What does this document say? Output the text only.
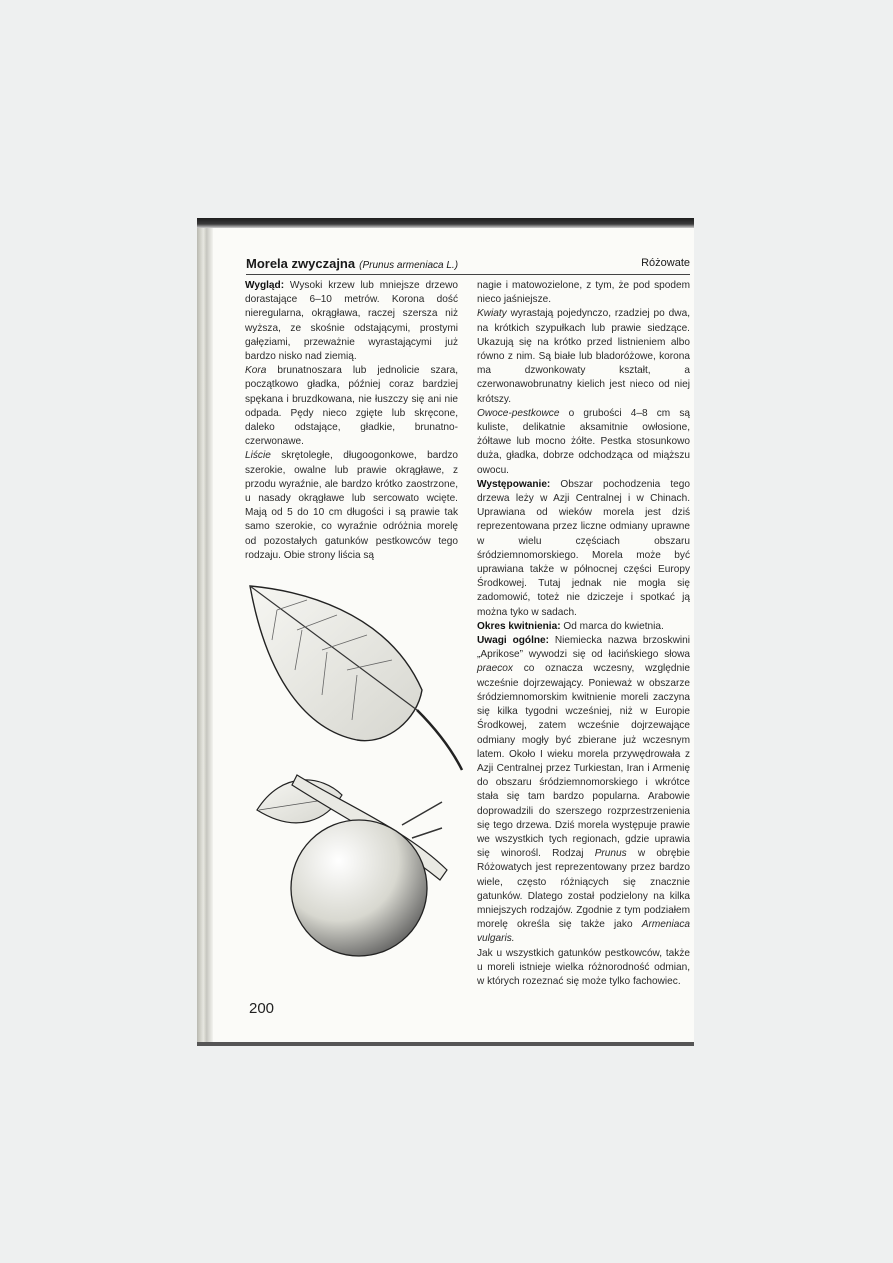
Morela zwyczajna (Prunus armeniaca L.)	Różowate

Wygląd: Wysoki krzew lub mniejsze drzewo dorastające 6–10 metrów. Korona dość nieregularna, okrągława, raczej szersza niż wyższa, ze skośnie odstającymi, prostymi gałęziami, przeważnie wyrastającymi już bardzo nisko nad ziemią.

Kora brunatnoszara lub jednolicie szara, początkowo gładka, później coraz bardziej spękana i bruzdkowana, nie łuszczy się ani nie odpada. Pędy nieco zgięte lub skręcone, daleko odstające, gładkie, brunatno-czerwonawe.

Liście skrętoległe, długoogonkowe, bardzo szerokie, owalne lub prawie okrągławe, z przodu wyraźnie, ale bardzo krótko zaostrzone, u nasady okrągławe lub sercowato wcięte. Mają od 5 do 10 cm długości i są prawie tak samo szerokie, co wyraźnie odróżnia morelę od pozostałych gatunków pestkowców tego rodzaju. Obie strony liścia są

nagie i matowozielone, z tym, że pod spodem nieco jaśniejsze.

Kwiaty wyrastają pojedynczo, rzadziej po dwa, na krótkich szypułkach lub prawie siedzące. Ukazują się na krótko przed listnieniem albo równo z nim. Są białe lub bladoróżowe, korona ma dzwonkowaty kształt, a czerwonawobrunatny kielich jest nieco od niej krótszy.

Owoce-pestkowce o grubości 4–8 cm są kuliste, delikatnie aksamitnie owłosione, żółtawe lub mocno żółte. Pestka stosunkowo duża, gładka, dobrze odchodząca od miąższu owocu.

Występowanie: Obszar pochodzenia tego drzewa leży w Azji Centralnej i w Chinach. Uprawiana od wieków morela jest dziś reprezentowana przez liczne odmiany uprawne w wielu częściach obszaru śródziemnomorskiego. Morela może być uprawiana także w północnej części Europy Środkowej. Tutaj jednak nie mogła się zadomowić, toteż nie dziczeje i spotkać ją można tyko w sadach.

Okres kwitnienia: Od marca do kwietnia.

Uwagi ogólne: Niemiecka nazwa brzoskwini „Aprikose” wywodzi się od łacińskiego słowa praecox co oznacza wczesny, względnie wcześnie dojrzewający. Ponieważ w obszarze śródziemnomorskim kwitnienie moreli zaczyna się kilka tygodni wcześniej, niż w Europie Środkowej, zatem wcześnie dojrzewające odmiany mogły być zbierane już wczesnym latem. Około I wieku morela przywędrowała z Azji Centralnej przez Turkiestan, Iran i Armenię do obszaru śródziemnomorskiego i wkrótce stała się tam bardzo popularna. Arabowie doprowadzili do szerszego rozprzestrzenienia się tego drzewa. Dziś morela występuje prawie we wszystkich tych regionach, gdzie uprawia się winorośl. Rodzaj Prunus w obrębie Różowatych jest reprezentowany przez bardzo wiele, często różniących się znacznie gatunków. Dlatego został podzielony na kilka mniejszych rodzajów. Zgodnie z tym podziałem morelę określa się także jako Armeniaca vulgaris.

Jak u wszystkich gatunków pestkowców, także u moreli istnieje wielka różnorodność odmian, w których rozeznać się może tylko fachowiec.

200
